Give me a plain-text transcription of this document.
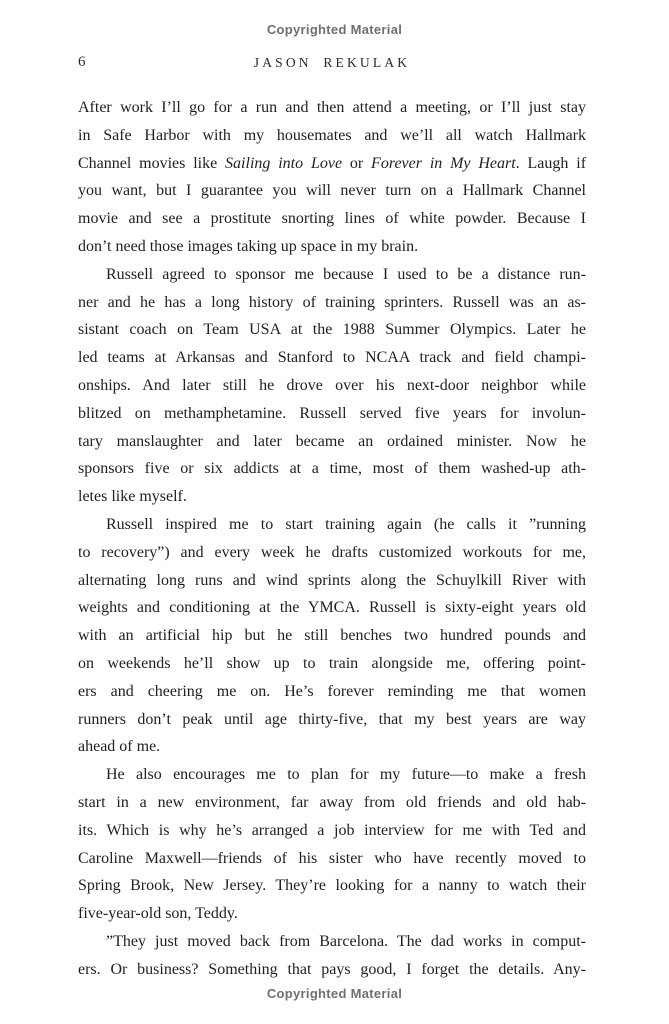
Copyrighted Material
6	JASON REKULAK
After work I’ll go for a run and then attend a meeting, or I’ll just stay
in Safe Harbor with my housemates and we’ll all watch Hallmark
Channel movies like Sailing into Love or Forever in My Heart. Laugh if
you want, but I guarantee you will never turn on a Hallmark Channel
movie and see a prostitute snorting lines of white powder. Because I
don’t need those images taking up space in my brain.
Russell agreed to sponsor me because I used to be a distance run-
ner and he has a long history of training sprinters. Russell was an as-
sistant coach on Team USA at the 1988 Summer Olympics. Later he
led teams at Arkansas and Stanford to NCAA track and field champi-
onships. And later still he drove over his next-door neighbor while
blitzed on methamphetamine. Russell served five years for involun-
tary manslaughter and later became an ordained minister. Now he
sponsors five or six addicts at a time, most of them washed-up ath-
letes like myself.
Russell inspired me to start training again (he calls it ”running
to recovery”) and every week he drafts customized workouts for me,
alternating long runs and wind sprints along the Schuylkill River with
weights and conditioning at the YMCA. Russell is sixty-eight years old
with an artificial hip but he still benches two hundred pounds and
on weekends he’ll show up to train alongside me, offering point-
ers and cheering me on. He’s forever reminding me that women
runners don’t peak until age thirty-five, that my best years are way
ahead of me.
He also encourages me to plan for my future—to make a fresh
start in a new environment, far away from old friends and old hab-
its. Which is why he’s arranged a job interview for me with Ted and
Caroline Maxwell—friends of his sister who have recently moved to
Spring Brook, New Jersey. They’re looking for a nanny to watch their
five-year-old son, Teddy.
”They just moved back from Barcelona. The dad works in comput-
ers. Or business? Something that pays good, I forget the details. Any-
Copyrighted Material
